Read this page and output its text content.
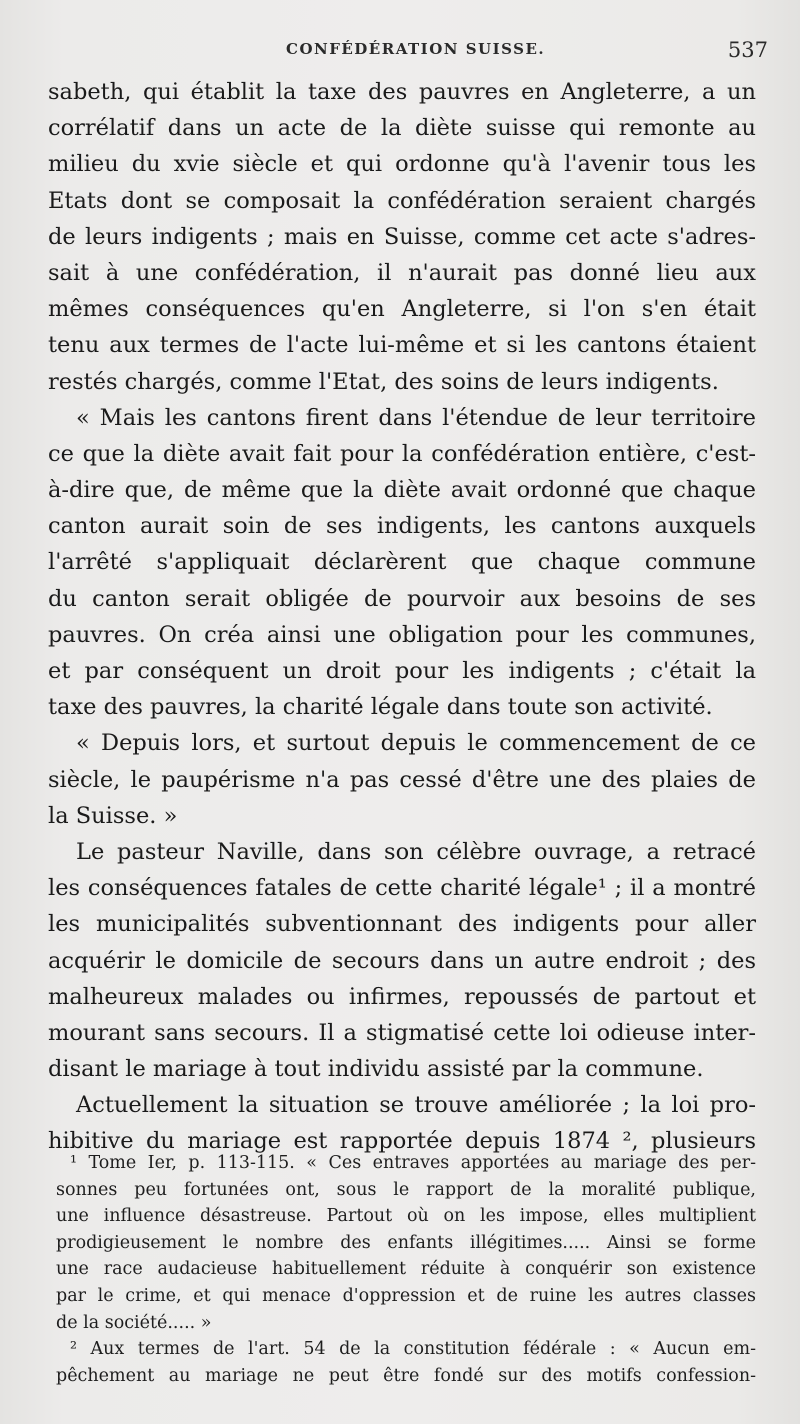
CONFÉDÉRATION SUISSE.	537
sabeth, qui établit la taxe des pauvres en Angleterre, a un
corrélatif dans un acte de la diète suisse qui remonte au
milieu du xvie siècle et qui ordonne qu'à l'avenir tous les
Etats dont se composait la confédération seraient chargés
de leurs indigents ; mais en Suisse, comme cet acte s'adres-
sait à une confédération, il n'aurait pas donné lieu aux
mêmes conséquences qu'en Angleterre, si l'on s'en était
tenu aux termes de l'acte lui-même et si les cantons étaient
restés chargés, comme l'Etat, des soins de leurs indigents.
« Mais les cantons firent dans l'étendue de leur territoire
ce que la diète avait fait pour la confédération entière, c'est-
à-dire que, de même que la diète avait ordonné que chaque
canton aurait soin de ses indigents, les cantons auxquels
l'arrêté s'appliquait déclarèrent que chaque commune
du canton serait obligée de pourvoir aux besoins de ses
pauvres. On créa ainsi une obligation pour les communes,
et par conséquent un droit pour les indigents ; c'était la
taxe des pauvres, la charité légale dans toute son activité.
« Depuis lors, et surtout depuis le commencement de ce
siècle, le paupérisme n'a pas cessé d'être une des plaies de
la Suisse. »
Le pasteur Naville, dans son célèbre ouvrage, a retracé
les conséquences fatales de cette charité légale¹ ; il a montré
les municipalités subventionnant des indigents pour aller
acquérir le domicile de secours dans un autre endroit ; des
malheureux malades ou infirmes, repoussés de partout et
mourant sans secours. Il a stigmatisé cette loi odieuse inter-
disant le mariage à tout individu assisté par la commune.
Actuellement la situation se trouve améliorée ; la loi pro-
hibitive du mariage est rapportée depuis 1874 ², plusieurs
¹ Tome Ier, p. 113-115. « Ces entraves apportées au mariage des per-
sonnes peu fortunées ont, sous le rapport de la moralité publique,
une influence désastreuse. Partout où on les impose, elles multiplient
prodigieusement le nombre des enfants illégitimes..... Ainsi se forme
une race audacieuse habituellement réduite à conquérir son existence
par le crime, et qui menace d'oppression et de ruine les autres classes
de la société..... »
² Aux termes de l'art. 54 de la constitution fédérale : « Aucun em-
pêchement au mariage ne peut être fondé sur des motifs confession-
